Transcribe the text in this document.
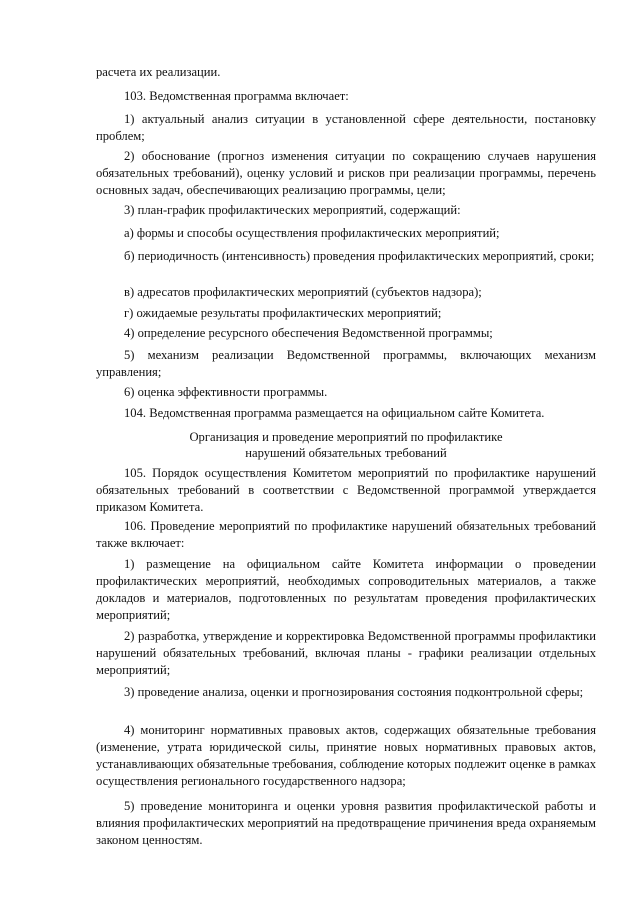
расчета их реализации.

103. Ведомственная программа включает:

1) актуальный анализ ситуации в установленной сфере деятельности, постановку проблем;

2) обоснование (прогноз изменения ситуации по сокращению случаев нарушения обязательных требований), оценку условий и рисков при реализации программы, перечень основных задач, обеспечивающих реализацию программы, цели;

3) план-график профилактических мероприятий, содержащий:

а) формы и способы осуществления профилактических мероприятий;

б) периодичность (интенсивность) проведения профилактических мероприятий, сроки;

в) адресатов профилактических мероприятий (субъектов надзора);

г) ожидаемые результаты профилактических мероприятий;

4) определение ресурсного обеспечения Ведомственной программы;

5) механизм реализации Ведомственной программы, включающих механизм управления;

6) оценка эффективности программы.

104. Ведомственная программа размещается на официальном сайте Комитета.

Организация и проведение мероприятий по профилактике

нарушений обязательных требований

105. Порядок осуществления Комитетом мероприятий по профилактике нарушений обязательных требований в соответствии с Ведомственной программой утверждается приказом Комитета.

106. Проведение мероприятий по профилактике нарушений обязательных требований также включает:

1) размещение на официальном сайте Комитета информации о проведении профилактических мероприятий, необходимых сопроводительных материалов, а также докладов и материалов, подготовленных по результатам проведения профилактических мероприятий;

2) разработка, утверждение и корректировка Ведомственной программы профилактики нарушений обязательных требований, включая планы - графики реализации отдельных мероприятий;

3) проведение анализа, оценки и прогнозирования состояния подконтрольной сферы;

4) мониторинг нормативных правовых актов, содержащих обязательные требования (изменение, утрата юридической силы, принятие новых нормативных правовых актов, устанавливающих обязательные требования, соблюдение которых подлежит оценке в рамках осуществления регионального государственного надзора;

5) проведение мониторинга и оценки уровня развития профилактической работы и влияния профилактических мероприятий на предотвращение причинения вреда охраняемым законом ценностям.
